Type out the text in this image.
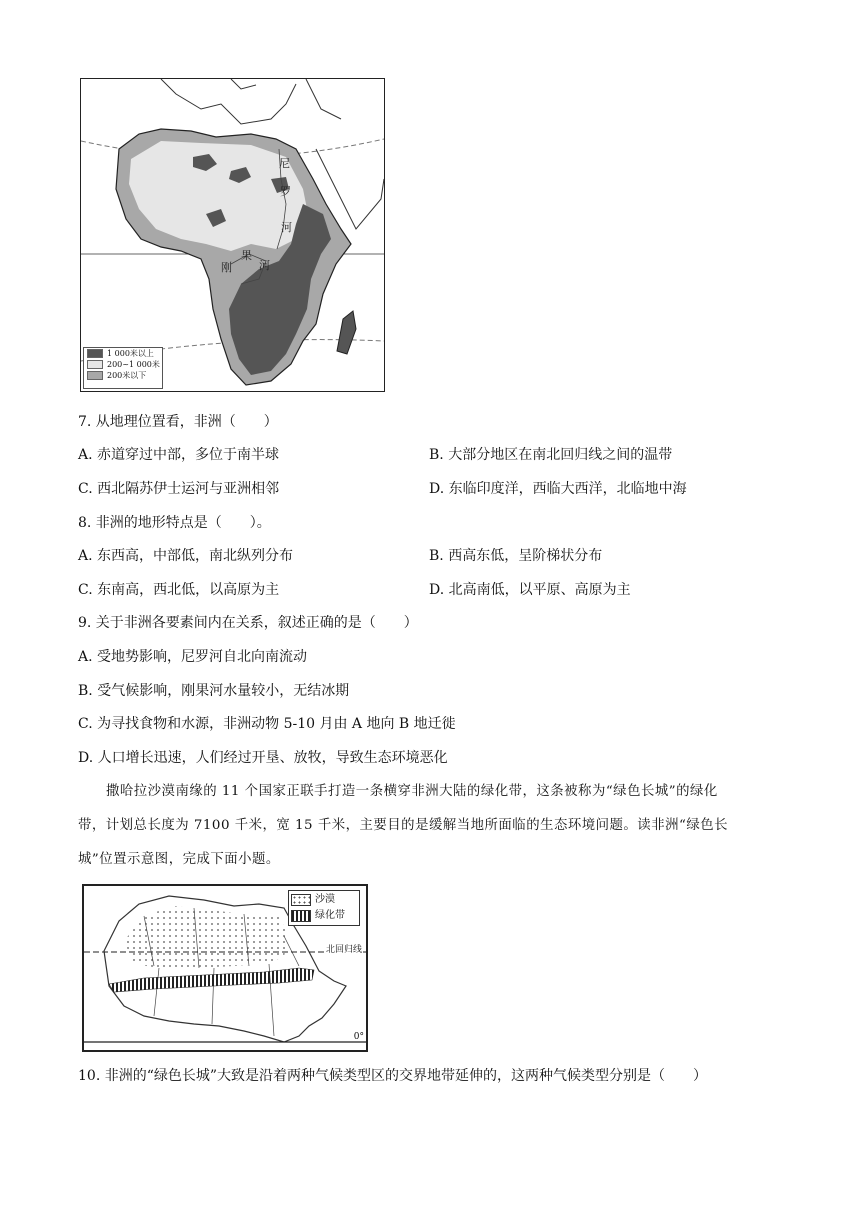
尼
罗
河
果
刚 河
1 000米以上
200~1 000米
200米以下
7. 从地理位置看，非洲（　　）
A. 赤道穿过中部，多位于南半球	B. 大部分地区在南北回归线之间的温带
C. 西北隔苏伊士运河与亚洲相邻	D. 东临印度洋，西临大西洋，北临地中海
8. 非洲的地形特点是（　　）。
A. 东西高，中部低，南北纵列分布	B. 西高东低，呈阶梯状分布
C. 东南高，西北低，以高原为主	D. 北高南低，以平原、高原为主
9. 关于非洲各要素间内在关系，叙述正确的是（　　）
A. 受地势影响，尼罗河自北向南流动
B. 受气候影响，刚果河水量较小，无结冰期
C. 为寻找食物和水源，非洲动物 5-10 月由 A 地向 B 地迁徙
D. 人口增长迅速，人们经过开垦、放牧，导致生态环境恶化
撒哈拉沙漠南缘的 11 个国家正联手打造一条横穿非洲大陆的绿化带，这条被称为“绿色长城”的绿化
带，计划总长度为 7100 千米，宽 15 千米，主要目的是缓解当地所面临的生态环境问题。读非洲“绿色长
城”位置示意图，完成下面小题。
沙漠
绿化带
北回归线
0°
10. 非洲的“绿色长城”大致是沿着两种气候类型区的交界地带延伸的，这两种气候类型分别是（　　）
